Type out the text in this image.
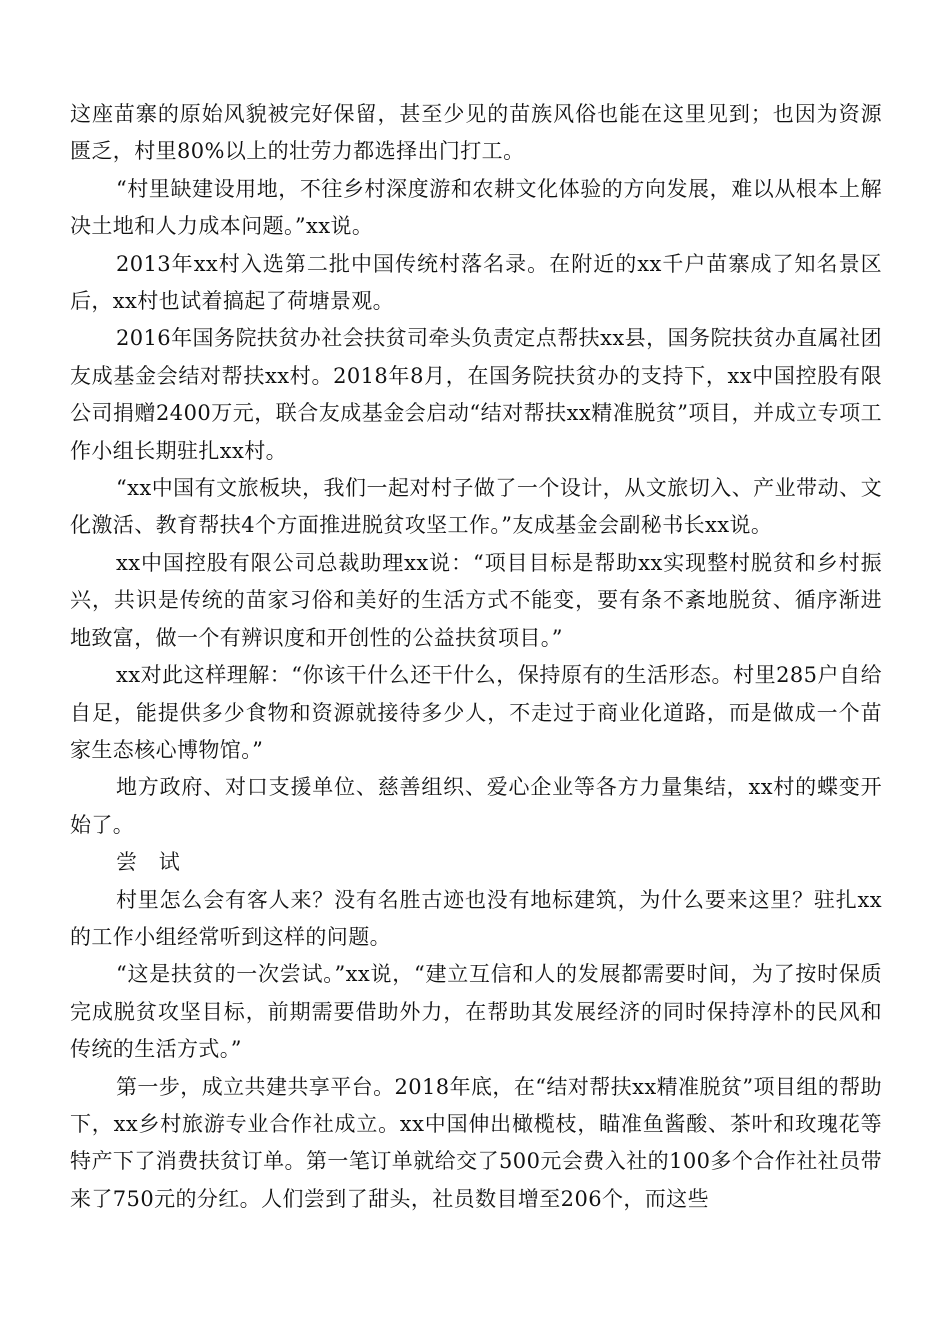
这座苗寨的原始风貌被完好保留，甚至少见的苗族风俗也能在这里见到；也因为资源匮乏，村里80%以上的壮劳力都选择出门打工。

“村里缺建设用地，不往乡村深度游和农耕文化体验的方向发展，难以从根本上解决土地和人力成本问题。”xx说。

2013年xx村入选第二批中国传统村落名录。在附近的xx千户苗寨成了知名景区后，xx村也试着搞起了荷塘景观。

2016年国务院扶贫办社会扶贫司牵头负责定点帮扶xx县，国务院扶贫办直属社团友成基金会结对帮扶xx村。2018年8月，在国务院扶贫办的支持下，xx中国控股有限公司捐赠2400万元，联合友成基金会启动“结对帮扶xx精准脱贫”项目，并成立专项工作小组长期驻扎xx村。

“xx中国有文旅板块，我们一起对村子做了一个设计，从文旅切入、产业带动、文化激活、教育帮扶4个方面推进脱贫攻坚工作。”友成基金会副秘书长xx说。

xx中国控股有限公司总裁助理xx说：“项目目标是帮助xx实现整村脱贫和乡村振兴，共识是传统的苗家习俗和美好的生活方式不能变，要有条不紊地脱贫、循序渐进地致富，做一个有辨识度和开创性的公益扶贫项目。”

xx对此这样理解：“你该干什么还干什么，保持原有的生活形态。村里285户自给自足，能提供多少食物和资源就接待多少人，不走过于商业化道路，而是做成一个苗家生态核心博物馆。”

地方政府、对口支援单位、慈善组织、爱心企业等各方力量集结，xx村的蝶变开始了。

尝　试

村里怎么会有客人来？没有名胜古迹也没有地标建筑，为什么要来这里？驻扎xx的工作小组经常听到这样的问题。

“这是扶贫的一次尝试。”xx说，“建立互信和人的发展都需要时间，为了按时保质完成脱贫攻坚目标，前期需要借助外力，在帮助其发展经济的同时保持淳朴的民风和传统的生活方式。”

第一步，成立共建共享平台。2018年底，在“结对帮扶xx精准脱贫”项目组的帮助下，xx乡村旅游专业合作社成立。xx中国伸出橄榄枝，瞄准鱼酱酸、茶叶和玫瑰花等特产下了消费扶贫订单。第一笔订单就给交了500元会费入社的100多个合作社社员带来了750元的分红。人们尝到了甜头，社员数目增至206个，而这些
